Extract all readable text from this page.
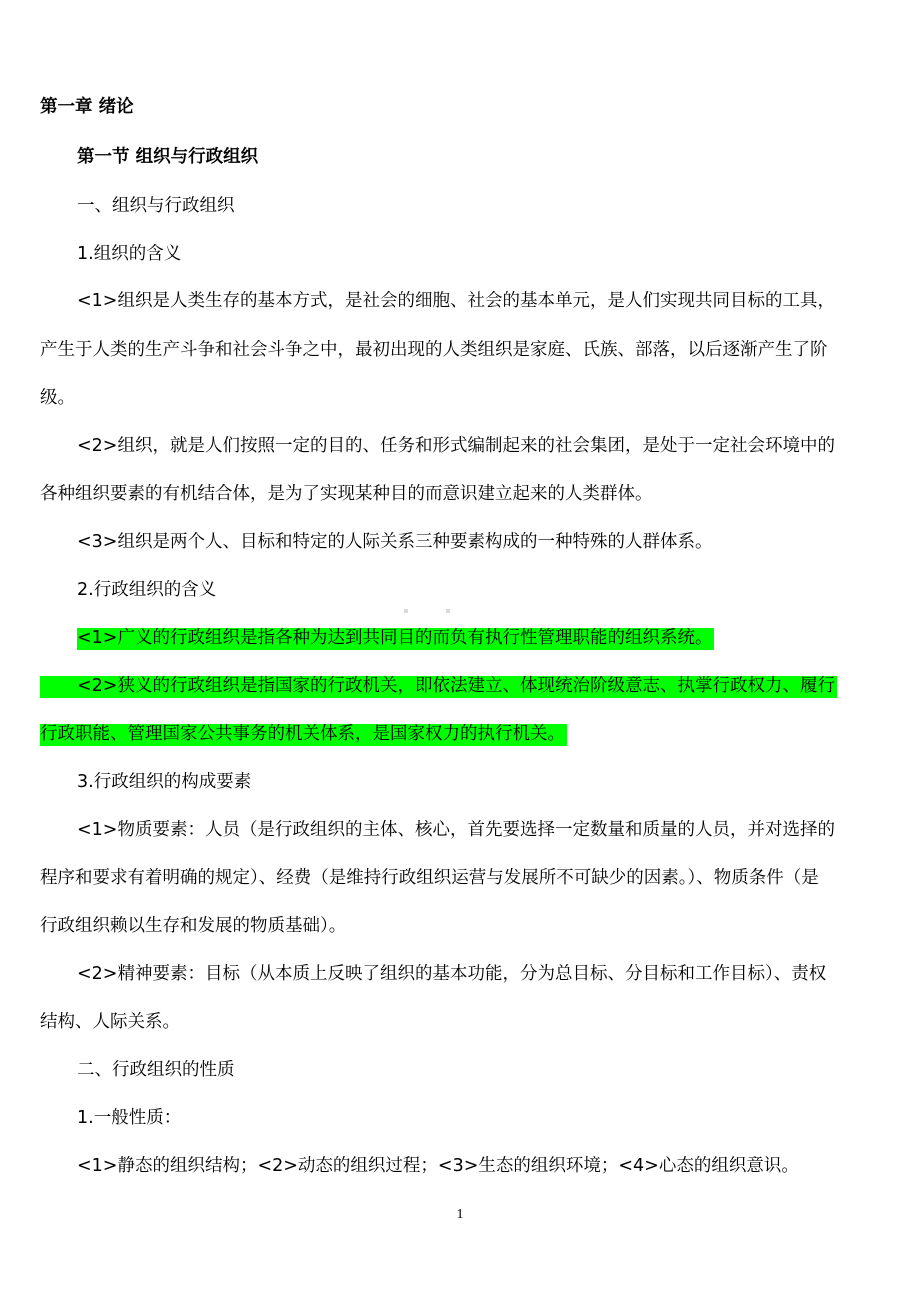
第一章 绪论
第一节 组织与行政组织
一、组织与行政组织
1.组织的含义
<1>组织是人类生存的基本方式，是社会的细胞、社会的基本单元，是人们实现共同目标的工具，
产生于人类的生产斗争和社会斗争之中，最初出现的人类组织是家庭、氏族、部落，以后逐渐产生了阶
级。
<2>组织，就是人们按照一定的目的、任务和形式编制起来的社会集团，是处于一定社会环境中的
各种组织要素的有机结合体，是为了实现某种目的而意识建立起来的人类群体。
<3>组织是两个人、目标和特定的人际关系三种要素构成的一种特殊的人群体系。
2.行政组织的含义
<1>广义的行政组织是指各种为达到共同目的而负有执行性管理职能的组织系统。
<2>狭义的行政组织是指国家的行政机关，即依法建立、体现统治阶级意志、执掌行政权力、履行
行政职能、管理国家公共事务的机关体系，是国家权力的执行机关。
3.行政组织的构成要素
<1>物质要素：人员（是行政组织的主体、核心，首先要选择一定数量和质量的人员，并对选择的
程序和要求有着明确的规定）、经费（是维持行政组织运营与发展所不可缺少的因素。）、物质条件（是
行政组织赖以生存和发展的物质基础）。
<2>精神要素：目标（从本质上反映了组织的基本功能，分为总目标、分目标和工作目标）、责权
结构、人际关系。
二、行政组织的性质
1.一般性质：
<1>静态的组织结构；<2>动态的组织过程；<3>生态的组织环境；<4>心态的组织意识。
1
